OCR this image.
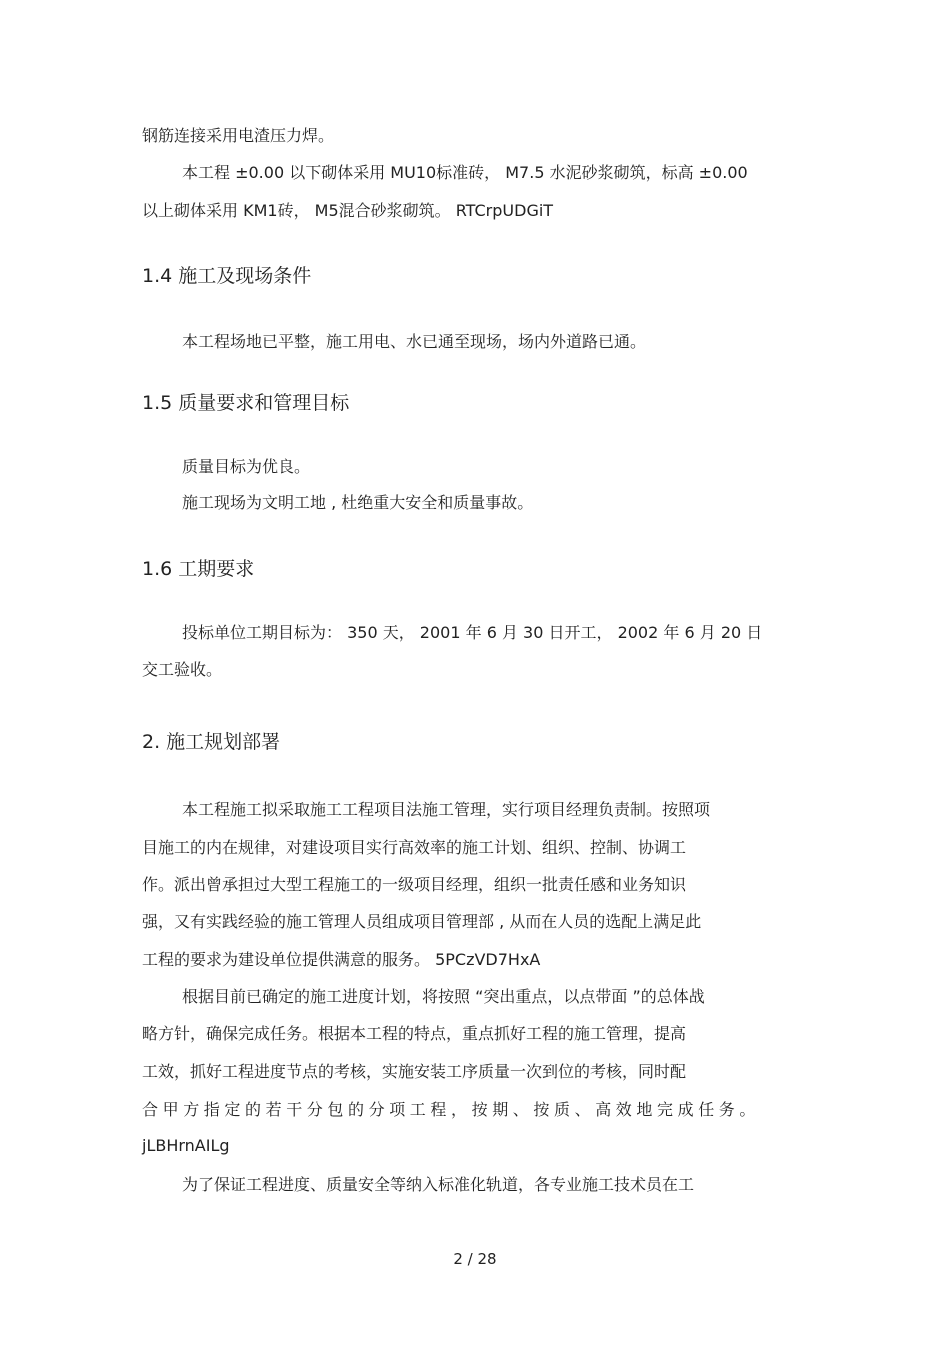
钢筋连接采用电渣压力焊。
本工程 ±0.00 以下砌体采用 MU10标准砖， M7.5 水泥砂浆砌筑，标高 ±0.00
以上砌体采用 KM1砖， M5混合砂浆砌筑。 RTCrpUDGiT
1.4 施工及现场条件
本工程场地已平整，施工用电、水已通至现场，场内外道路已通。
1.5 质量要求和管理目标
质量目标为优良。
施工现场为文明工地 , 杜绝重大安全和质量事故。
1.6 工期要求
投标单位工期目标为： 350 天， 2001 年 6 月 30 日开工， 2002 年 6 月 20 日
交工验收。
2. 施工规划部署
本工程施工拟采取施工工程项目法施工管理，实行项目经理负责制。按照项
目施工的内在规律，对建设项目实行高效率的施工计划、组织、控制、协调工
作。派出曾承担过大型工程施工的一级项目经理，组织一批责任感和业务知识
强，又有实践经验的施工管理人员组成项目管理部 , 从而在人员的选配上满足此
工程的要求为建设单位提供满意的服务。 5PCzVD7HxA
根据目前已确定的施工进度计划，将按照 “突出重点，以点带面 ”的总体战
略方针，确保完成任务。根据本工程的特点，重点抓好工程的施工管理，提高
工效，抓好工程进度节点的考核，实施安装工序质量一次到位的考核，同时配
合甲方指定的若干分包的分项工程，按期、按质、高效地完成任务。
jLBHrnAILg
为了保证工程进度、质量安全等纳入标准化轨道，各专业施工技术员在工
2 / 28
